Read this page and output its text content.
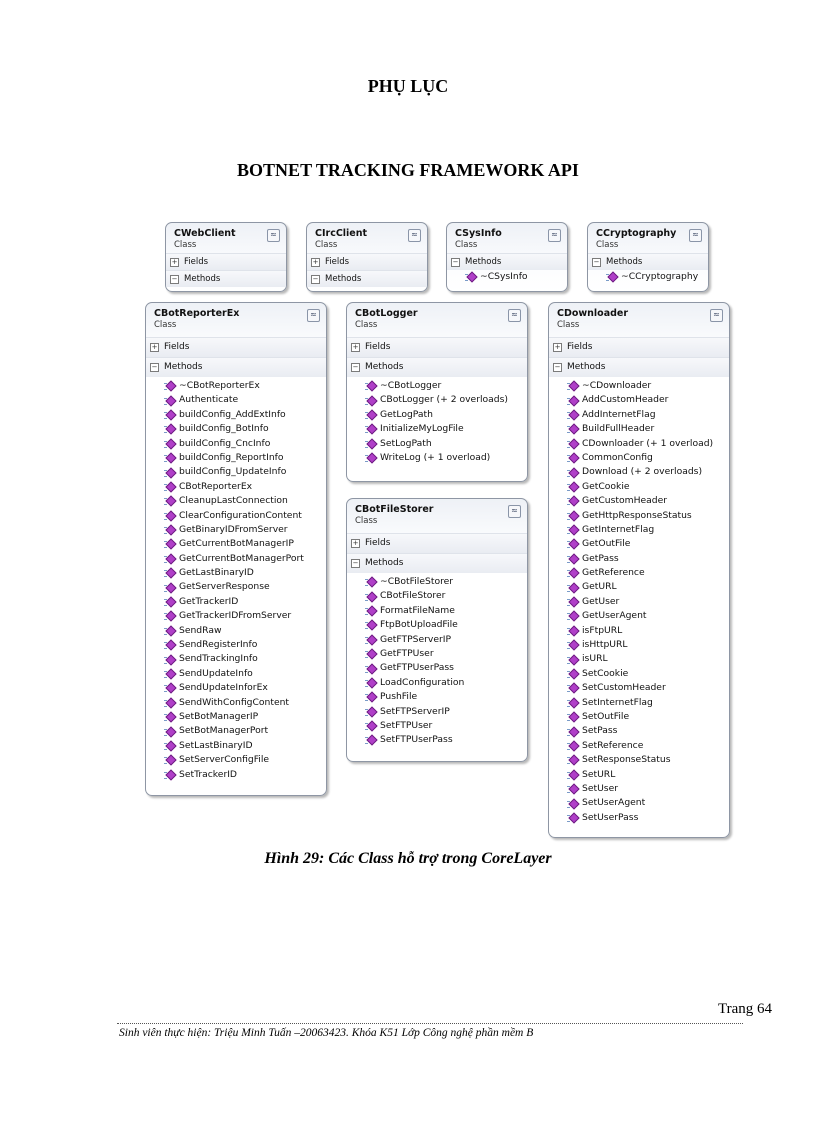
PHỤ LỤC
BOTNET TRACKING FRAMEWORK API
CWebClient
Class
≈
+ Fields
− Methods
CIrcClient
Class
≈
+ Fields
− Methods
CSysInfo
Class
≈
− Methods
~CSysInfo
CCryptography
Class
≈
− Methods
~CCryptography
CBotReporterEx
Class
≈
+ Fields
− Methods
~CBotReporterEx
Authenticate
buildConfig_AddExtInfo
buildConfig_BotInfo
buildConfig_CncInfo
buildConfig_ReportInfo
buildConfig_UpdateInfo
CBotReporterEx
CleanupLastConnection
ClearConfigurationContent
GetBinaryIDFromServer
GetCurrentBotManagerIP
GetCurrentBotManagerPort
GetLastBinaryID
GetServerResponse
GetTrackerID
GetTrackerIDFromServer
SendRaw
SendRegisterInfo
SendTrackingInfo
SendUpdateInfo
SendUpdateInforEx
SendWithConfigContent
SetBotManagerIP
SetBotManagerPort
SetLastBinaryID
SetServerConfigFile
SetTrackerID
CBotLogger
Class
≈
+ Fields
− Methods
~CBotLogger
CBotLogger (+ 2 overloads)
GetLogPath
InitializeMyLogFile
SetLogPath
WriteLog (+ 1 overload)
CBotFileStorer
Class
≈
+ Fields
− Methods
~CBotFileStorer
CBotFileStorer
FormatFileName
FtpBotUploadFile
GetFTPServerIP
GetFTPUser
GetFTPUserPass
LoadConfiguration
PushFile
SetFTPServerIP
SetFTPUser
SetFTPUserPass
CDownloader
Class
≈
+ Fields
− Methods
~CDownloader
AddCustomHeader
AddInternetFlag
BuildFullHeader
CDownloader (+ 1 overload)
CommonConfig
Download (+ 2 overloads)
GetCookie
GetCustomHeader
GetHttpResponseStatus
GetInternetFlag
GetOutFile
GetPass
GetReference
GetURL
GetUser
GetUserAgent
isFtpURL
isHttpURL
isURL
SetCookie
SetCustomHeader
SetInternetFlag
SetOutFile
SetPass
SetReference
SetResponseStatus
SetURL
SetUser
SetUserAgent
SetUserPass
Hình 29: Các Class hỗ trợ trong CoreLayer
Trang 64
Sinh viên thực hiện: Triệu Minh Tuấn –20063423. Khóa K51 Lớp Công nghệ phần mềm B
